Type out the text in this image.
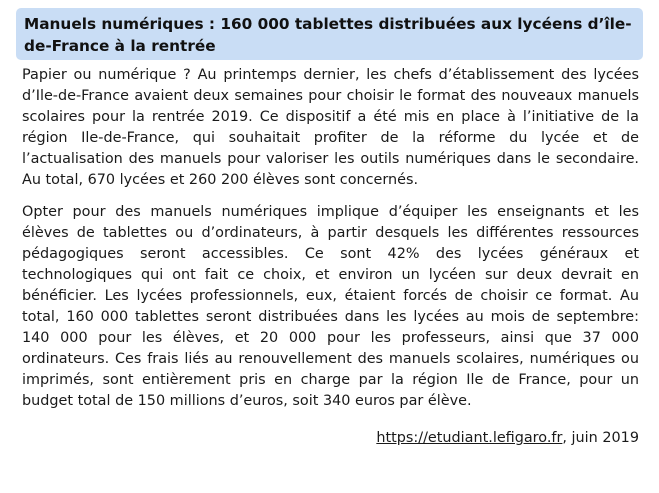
Manuels numériques : 160 000 tablettes distribuées aux lycéens d’île-de-France à la rentrée

Papier ou numérique ? Au printemps dernier, les chefs d’établissement des lycées d’Ile-de-France avaient deux semaines pour choisir le format des nouveaux manuels scolaires pour la rentrée 2019. Ce dispositif a été mis en place à l’initiative de la région Ile-de-France, qui souhaitait profiter de la réforme du lycée et de l’actualisation des manuels pour valoriser les outils numériques dans le secondaire. Au total, 670 lycées et 260 200 élèves sont concernés.

Opter pour des manuels numériques implique d’équiper les enseignants et les élèves de tablettes ou d’ordinateurs, à partir desquels les différentes ressources pédagogiques seront accessibles. Ce sont 42% des lycées généraux et technologiques qui ont fait ce choix, et environ un lycéen sur deux devrait en bénéficier. Les lycées professionnels, eux, étaient forcés de choisir ce format. Au total, 160 000 tablettes seront distribuées dans les lycées au mois de septembre: 140 000 pour les élèves, et 20 000 pour les professeurs, ainsi que 37 000 ordinateurs. Ces frais liés au renouvellement des manuels scolaires, numériques ou imprimés, sont entièrement pris en charge par la région Ile de France, pour un budget total de 150 millions d’euros, soit 340 euros par élève.

https://etudiant.lefigaro.fr, juin 2019
